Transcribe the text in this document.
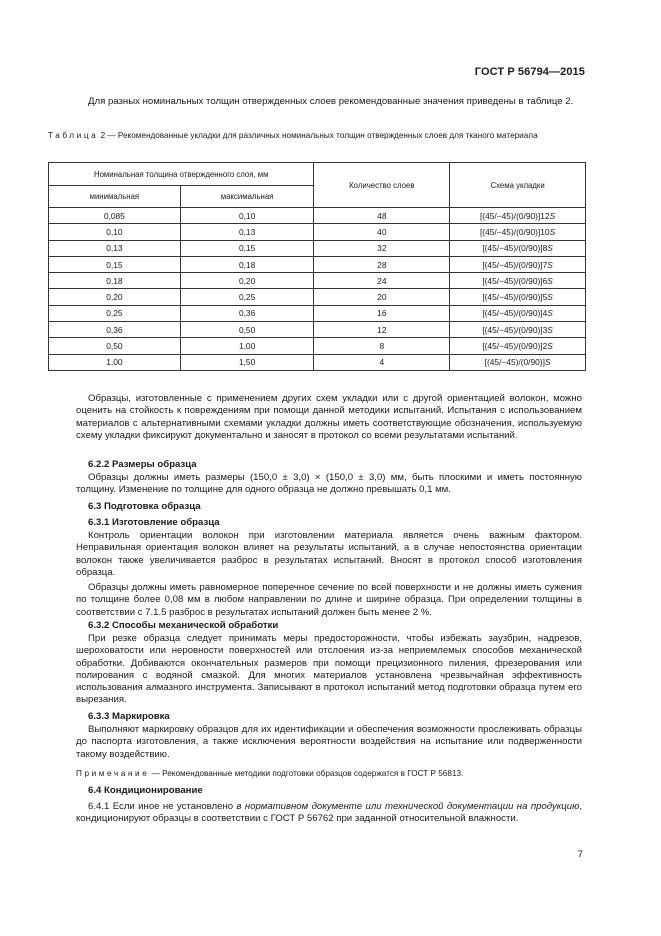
ГОСТ Р 56794—2015
Для разных номинальных толщин отвержденных слоев рекомендованные значения приведены в таблице 2.
Таблица 2 — Рекомендованные укладки для различных номинальных толщин отвержденных слоев для тканого материала
Номинальная толщина отвержденного слоя, мм		Количество слоев	Схема укладки
минимальная	максимальная		
0,085	0,10	48	[(45/−45)/(0/90)]12S
0,10	0,13	40	[(45/−45)/(0/90)]10S
0,13	0,15	32	[(45/−45)/(0/90)]8S
0,15	0,18	28	[(45/−45)/(0/90)]7S
0,18	0,20	24	[(45/−45)/(0/90)]6S
0,20	0,25	20	[(45/−45)/(0/90)]5S
0,25	0,36	16	[(45/−45)/(0/90)]4S
0,36	0,50	12	[(45/−45)/(0/90)]3S
0,50	1,00	8	[(45/−45)/(0/90)]2S
1,00	1,50	4	[(45/−45)/(0/90)]S
Образцы, изготовленные с применением других схем укладки или с другой ориентацией волокон, можно оценить на стойкость к повреждениям при помощи данной методики испытаний. Испытания с использованием материалов с альтернативными схемами укладки должны иметь соответствующие обозначения, используемую схему укладки фиксируют документально и заносят в протокол со всеми результатами испытаний.
6.2.2 Размеры образца
Образцы должны иметь размеры (150,0 ± 3,0) × (150,0 ± 3,0) мм, быть плоскими и иметь постоянную толщину. Изменение по толщине для одного образца не должно превышать 0,1 мм.
6.3 Подготовка образца
6.3.1 Изготовление образца
Контроль ориентации волокон при изготовлении материала является очень важным фактором. Неправильная ориентация волокон влияет на результаты испытаний, а в случае непостоянства ориентации волокон также увеличивается разброс в результатах испытаний. Вносят в протокол способ изготовления образца.
Образцы должны иметь равномерное поперечное сечение по всей поверхности и не должны иметь сужения по толщине более 0,08 мм в любом направлении по длине и ширине образца. При определении толщины в соответствии с 7.1.5 разброс в результатах испытаний должен быть менее 2 %.
6.3.2 Способы механической обработки
При резке образца следует принимать меры предосторожности, чтобы избежать заузбрин, надрезов, шероховатости или неровности поверхностей или отслоения из-за неприемлемых способов механической обработки. Добиваются окончательных размеров при помощи прецизионного пиления, фрезерования или полирования с водяной смазкой. Для многих материалов установлена чрезвычайная эффективность использования алмазного инструмента. Записывают в протокол испытаний метод подготовки образца путем его вырезания.
6.3.3 Маркировка
Выполняют маркировку образцов для их идентификации и обеспечения возможности прослеживать образцы до паспорта изготовления, а также исключения вероятности воздействия на испытание или подверженности такому воздействию.
Примечание — Рекомендованные методики подготовки образцов содержатся в ГОСТ Р 56813.
6.4 Кондиционирование
6.4.1 Если иное не установлено в нормативном документе или технической документации на продукцию, кондиционируют образцы в соответствии с ГОСТ Р 56762 при заданной относительной влажности.
7
